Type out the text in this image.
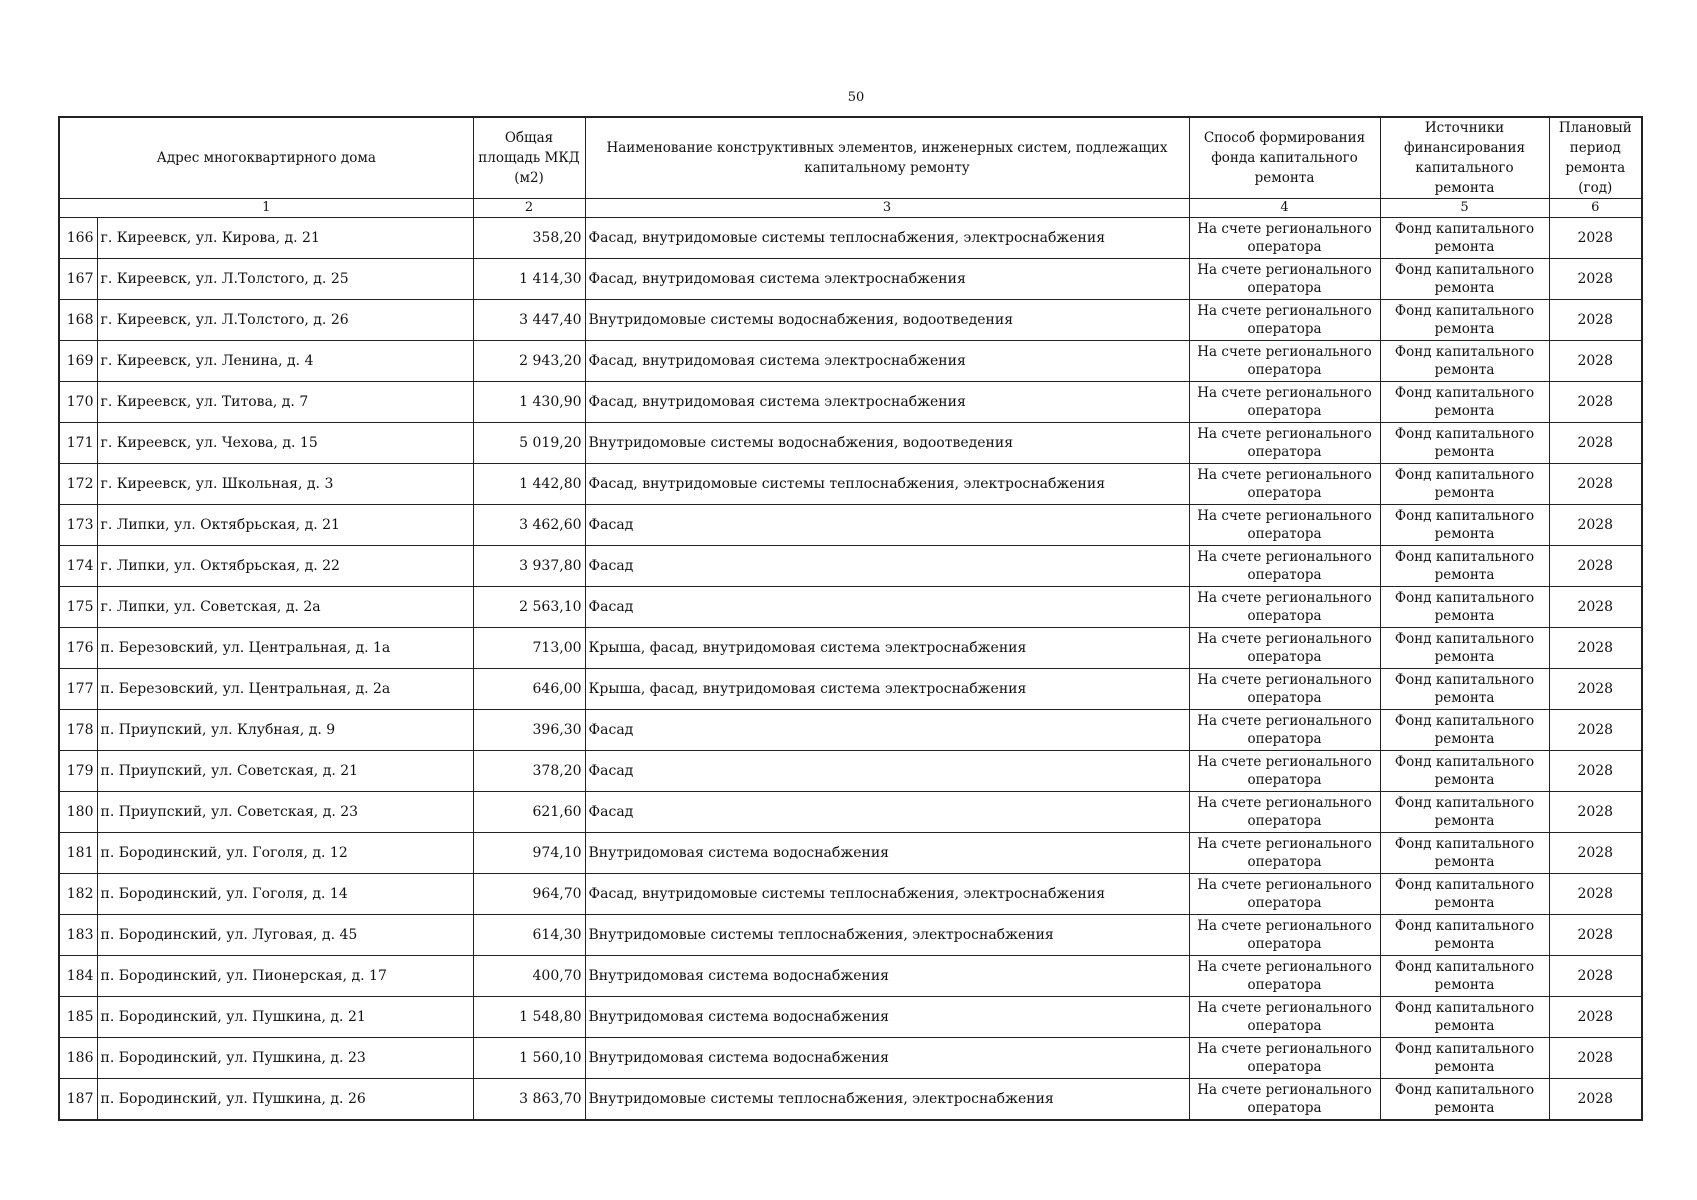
50
Адрес многоквартирного дома		Общая площадь МКД (м2)	Наименование конструктивных элементов, инженерных систем, подлежащих капитальному ремонту	Способ формирования фонда капитального ремонта	Источники финансирования капитального ремонта	Плановый период ремонта (год)
1		2	3	4	5	6
166	г. Киреевск, ул. Кирова, д. 21	358,20	Фасад, внутридомовые системы теплоснабжения, электроснабжения	На счете регионального оператора	Фонд капитального ремонта	2028
167	г. Киреевск, ул. Л.Толстого, д. 25	1 414,30	Фасад, внутридомовая система электроснабжения	На счете регионального оператора	Фонд капитального ремонта	2028
168	г. Киреевск, ул. Л.Толстого, д. 26	3 447,40	Внутридомовые системы водоснабжения, водоотведения	На счете регионального оператора	Фонд капитального ремонта	2028
169	г. Киреевск, ул. Ленина, д. 4	2 943,20	Фасад, внутридомовая система электроснабжения	На счете регионального оператора	Фонд капитального ремонта	2028
170	г. Киреевск, ул. Титова, д. 7	1 430,90	Фасад, внутридомовая система электроснабжения	На счете регионального оператора	Фонд капитального ремонта	2028
171	г. Киреевск, ул. Чехова, д. 15	5 019,20	Внутридомовые системы водоснабжения, водоотведения	На счете регионального оператора	Фонд капитального ремонта	2028
172	г. Киреевск, ул. Школьная, д. 3	1 442,80	Фасад, внутридомовые системы теплоснабжения, электроснабжения	На счете регионального оператора	Фонд капитального ремонта	2028
173	г. Липки, ул. Октябрьская, д. 21	3 462,60	Фасад	На счете регионального оператора	Фонд капитального ремонта	2028
174	г. Липки, ул. Октябрьская, д. 22	3 937,80	Фасад	На счете регионального оператора	Фонд капитального ремонта	2028
175	г. Липки, ул. Советская, д. 2а	2 563,10	Фасад	На счете регионального оператора	Фонд капитального ремонта	2028
176	п. Березовский, ул. Центральная, д. 1а	713,00	Крыша, фасад, внутридомовая система электроснабжения	На счете регионального оператора	Фонд капитального ремонта	2028
177	п. Березовский, ул. Центральная, д. 2а	646,00	Крыша, фасад, внутридомовая система электроснабжения	На счете регионального оператора	Фонд капитального ремонта	2028
178	п. Приупский, ул. Клубная, д. 9	396,30	Фасад	На счете регионального оператора	Фонд капитального ремонта	2028
179	п. Приупский, ул. Советская, д. 21	378,20	Фасад	На счете регионального оператора	Фонд капитального ремонта	2028
180	п. Приупский, ул. Советская, д. 23	621,60	Фасад	На счете регионального оператора	Фонд капитального ремонта	2028
181	п. Бородинский, ул. Гоголя, д. 12	974,10	Внутридомовая система водоснабжения	На счете регионального оператора	Фонд капитального ремонта	2028
182	п. Бородинский, ул. Гоголя, д. 14	964,70	Фасад, внутридомовые системы теплоснабжения, электроснабжения	На счете регионального оператора	Фонд капитального ремонта	2028
183	п. Бородинский, ул. Луговая, д. 45	614,30	Внутридомовые системы теплоснабжения, электроснабжения	На счете регионального оператора	Фонд капитального ремонта	2028
184	п. Бородинский, ул. Пионерская, д. 17	400,70	Внутридомовая система водоснабжения	На счете регионального оператора	Фонд капитального ремонта	2028
185	п. Бородинский, ул. Пушкина, д. 21	1 548,80	Внутридомовая система водоснабжения	На счете регионального оператора	Фонд капитального ремонта	2028
186	п. Бородинский, ул. Пушкина, д. 23	1 560,10	Внутридомовая система водоснабжения	На счете регионального оператора	Фонд капитального ремонта	2028
187	п. Бородинский, ул. Пушкина, д. 26	3 863,70	Внутридомовые системы теплоснабжения, электроснабжения	На счете регионального оператора	Фонд капитального ремонта	2028
